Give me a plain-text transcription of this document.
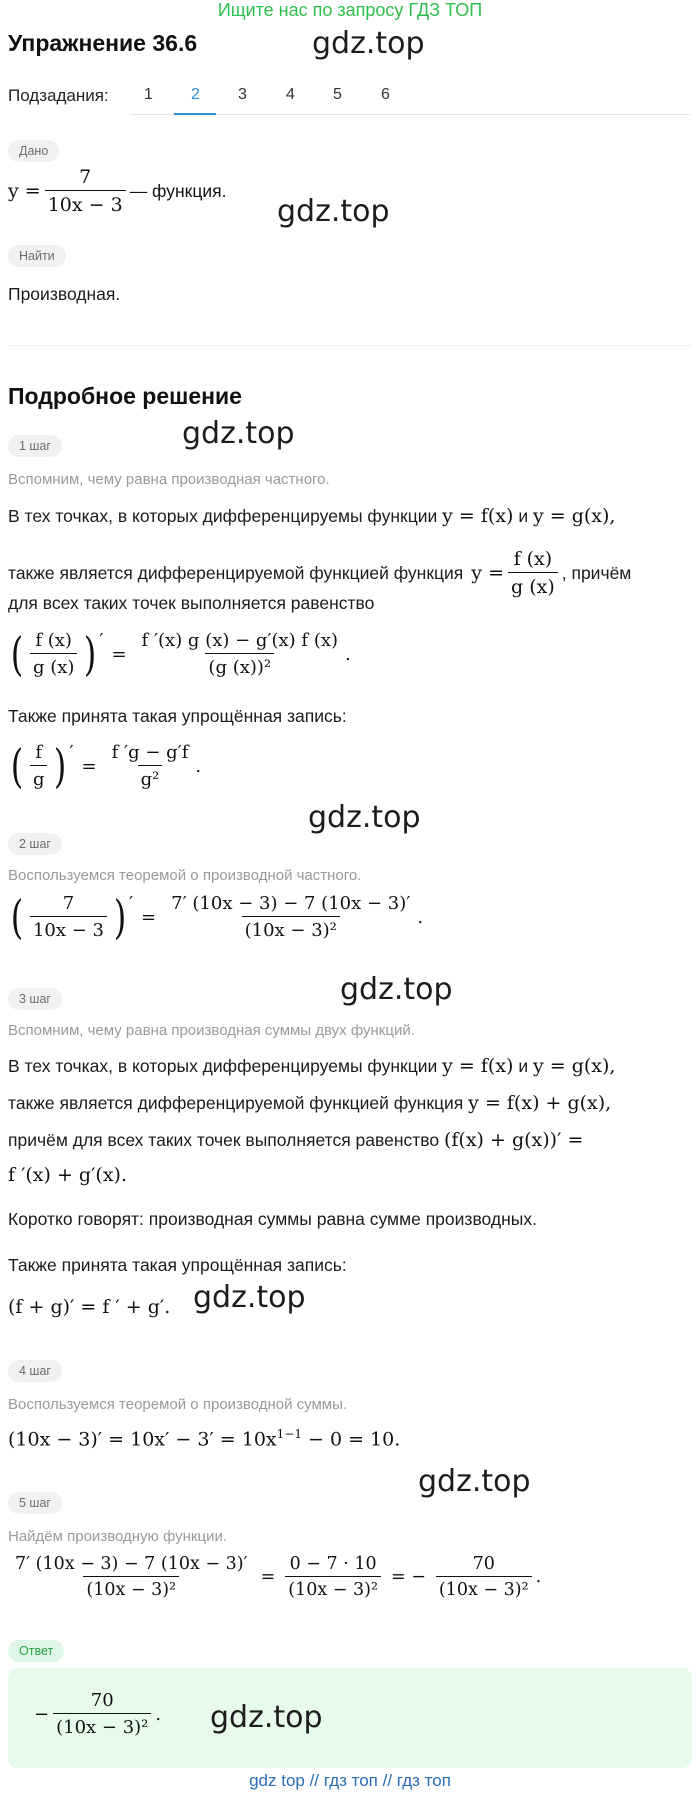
Ищите нас по запросу ГДЗ ТОП
Упражнение 36.6	gdz.top
Подзадания: 1 2 3 4 5 6
Дано
$y = \frac{7}{10x - 3}$ — функция.
gdz.top
Найти
Производная.
Подробное решение
1 шаг	gdz.top
Вспомним, чему равна производная частного.
В тех точках, в которых дифференцируемы функции y = f(x) и y = g(x),
также является дифференцируемой функцией функция $y = \frac{f (x)}{g (x)}$ , причём
для всех таких точек выполняется равенство
( $\frac{f (x)}{g (x)}$ ) ′
= $\frac{f '(x) g (x) - g'(x) f (x)}{\text{(g (x))²}}$ .
Также принята такая упрощённая запись:
( $\frac{f}{g}$ ) ′
= $\frac{f 'g - g'f}{\text{g²}}$ .
gdz.top
2 шаг
Воспользуемся теоремой о производной частного.
( $\frac{7}{10x - 3}$ ) ′
= $\frac{7' (10x - 3) - 7 (10x - 3)'}{\text{(10x − 3)²}}$ .
gdz.top
3 шаг
Вспомним, чему равна производная суммы двух функций.
В тех точках, в которых дифференцируемы функции y = f(x) и y = g(x),
также является дифференцируемой функцией функция y = f(x) + g(x),
причём для всех таких точек выполняется равенство (f(x) + g(x))′ =
f ′(x) + g′(x).
Коротко говорят: производная суммы равна сумме производных.
Также принята такая упрощённая запись:
(f + g)′ = f ′ + g′. gdz.top
4 шаг
Воспользуемся теоремой о производной суммы.
$(10x - 3)' = 10x' - 3' = 10x^{1-1} - 0 = 10$.
gdz.top
5 шаг
Найдём производную функции.
$\frac{7' (10x - 3) - 7 (10x - 3)'}{\text{(10x − 3)²}} = \frac{0 - 7 \cdot 10}{\text{(10x − 3)²}}$ = − $\frac{70}{\text{(10x − 3)²}}$ .
Ответ
− $\frac{70}{\text{(10x − 3)²}}$ . gdz.top
gdz top // гдз топ // гдз топ
